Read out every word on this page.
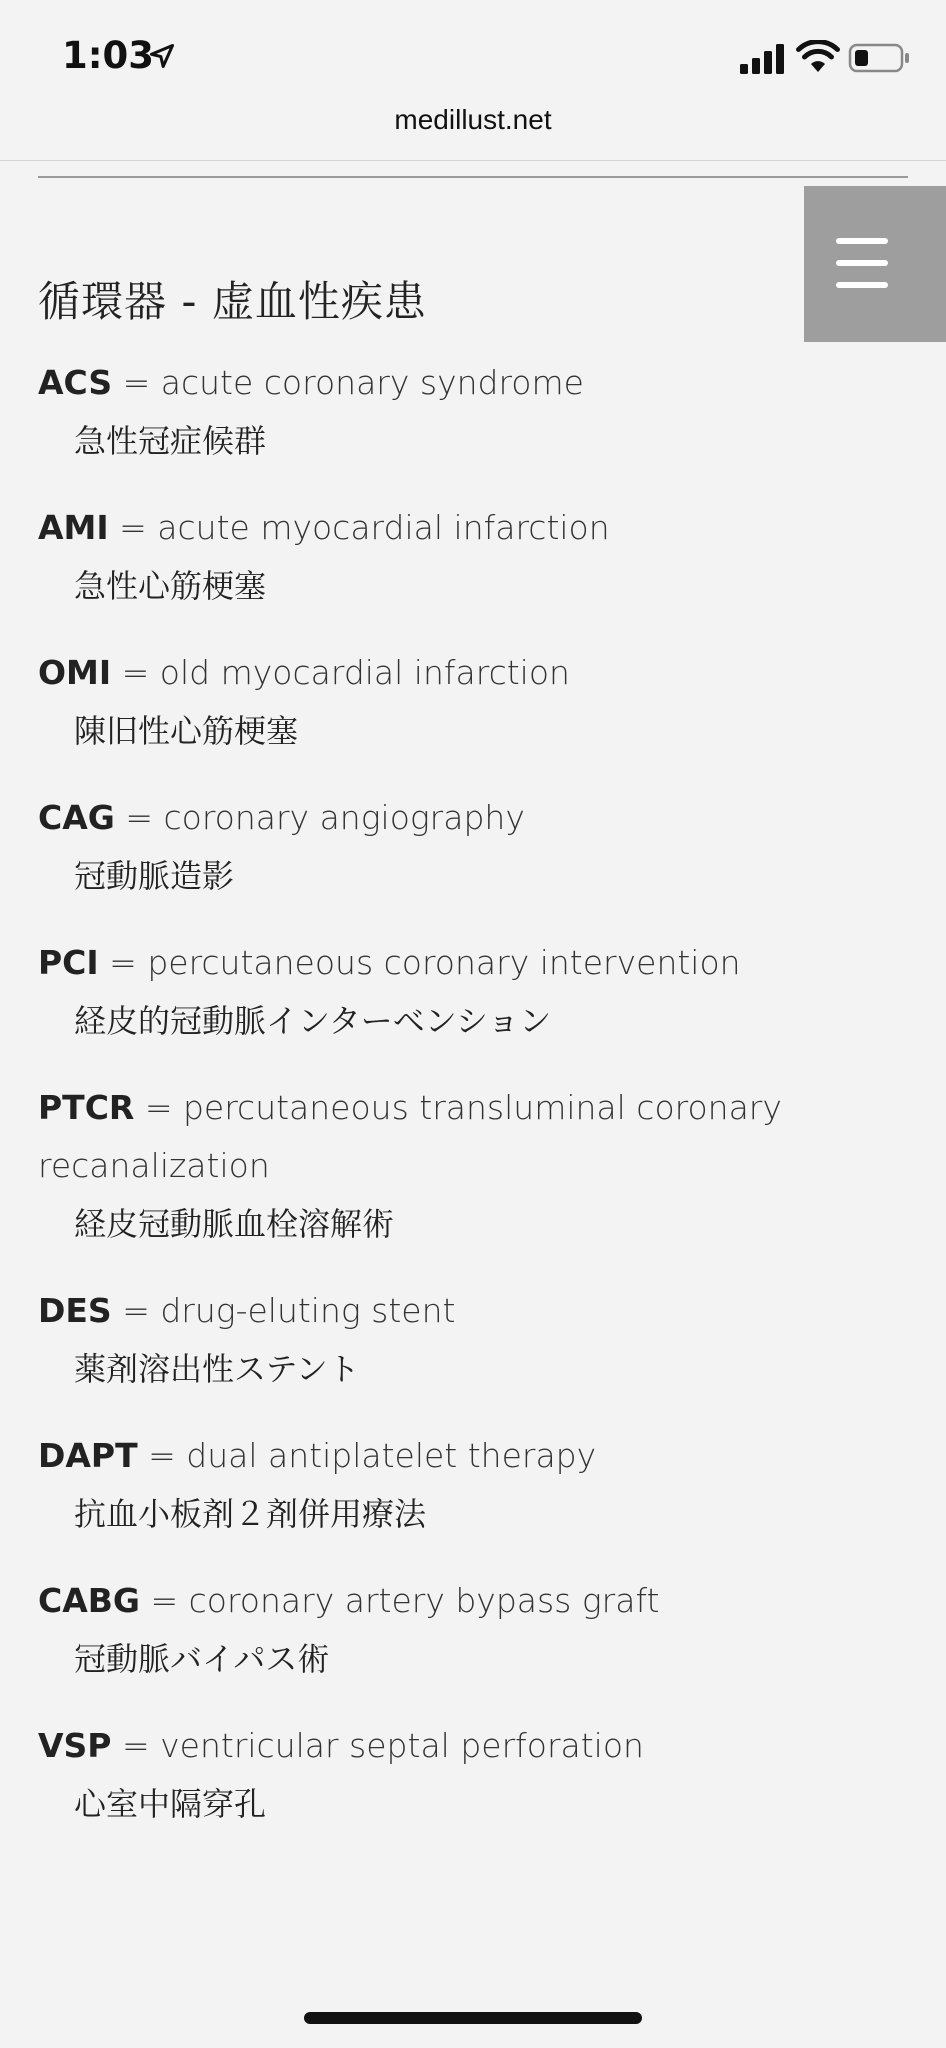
1:03
medillust.net
循環器 - 虚血性疾患
ACS = acute coronary syndrome
急性冠症候群
AMI = acute myocardial infarction
急性心筋梗塞
OMI = old myocardial infarction
陳旧性心筋梗塞
CAG = coronary angiography
冠動脈造影
PCI = percutaneous coronary intervention
経皮的冠動脈インターベンション
PTCR = percutaneous transluminal coronary recanalization
経皮冠動脈血栓溶解術
DES = drug-eluting stent
薬剤溶出性ステント
DAPT = dual antiplatelet therapy
抗血小板剤２剤併用療法
CABG = coronary artery bypass graft
冠動脈バイパス術
VSP = ventricular septal perforation
心室中隔穿孔
